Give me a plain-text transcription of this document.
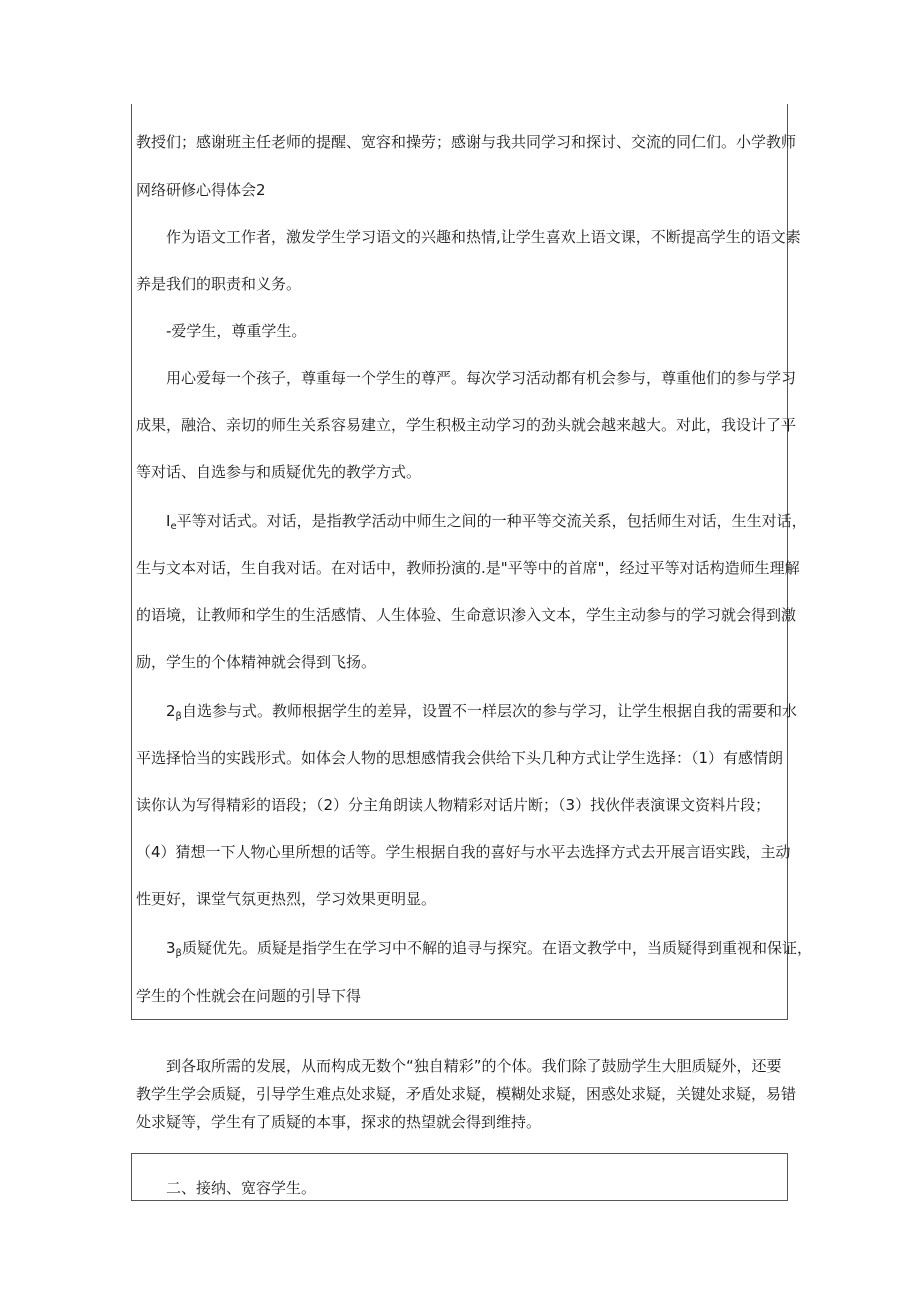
教授们；感谢班主任老师的提醒、宽容和操劳；感谢与我共同学习和探讨、交流的同仁们。小学教师
网络研修心得体会2
作为语文工作者，激发学生学习语文的兴趣和热情,让学生喜欢上语文课，不断提高学生的语文素
养是我们的职责和义务。
-爱学生，尊重学生。
用心爱每一个孩子，尊重每一个学生的尊严。每次学习活动都有机会参与，尊重他们的参与学习
成果，融洽、亲切的师生关系容易建立，学生积极主动学习的劲头就会越来越大。对此，我设计了平
等对话、自选参与和质疑优先的教学方式。
$I_e$平等对话式。对话，是指教学活动中师生之间的一种平等交流关系，包括师生对话，生生对话，
生与文本对话，生自我对话。在对话中，教师扮演的.是"平等中的首席"，经过平等对话构造师生理解
的语境，让教师和学生的生活感情、人生体验、生命意识渗入文本，学生主动参与的学习就会得到激
励，学生的个体精神就会得到飞扬。
$2_\beta$自选参与式。教师根据学生的差异，设置不一样层次的参与学习，让学生根据自我的需要和水
平选择恰当的实践形式。如体会人物的思想感情我会供给下头几种方式让学生选择：（1）有感情朗
读你认为写得精彩的语段；（2）分主角朗读人物精彩对话片断；（3）找伙伴表演课文资料片段；
（4）猜想一下人物心里所想的话等。学生根据自我的喜好与水平去选择方式去开展言语实践，主动
性更好，课堂气氛更热烈，学习效果更明显。
$3_\beta$质疑优先。质疑是指学生在学习中不解的追寻与探究。在语文教学中，当质疑得到重视和保证，
学生的个性就会在问题的引导下得
到各取所需的发展，从而构成无数个“独自精彩”的个体。我们除了鼓励学生大胆质疑外，还要
教学生学会质疑，引导学生难点处求疑，矛盾处求疑，模糊处求疑，困惑处求疑，关键处求疑，易错
处求疑等，学生有了质疑的本事，探求的热望就会得到维持。
二、接纳、宽容学生。
